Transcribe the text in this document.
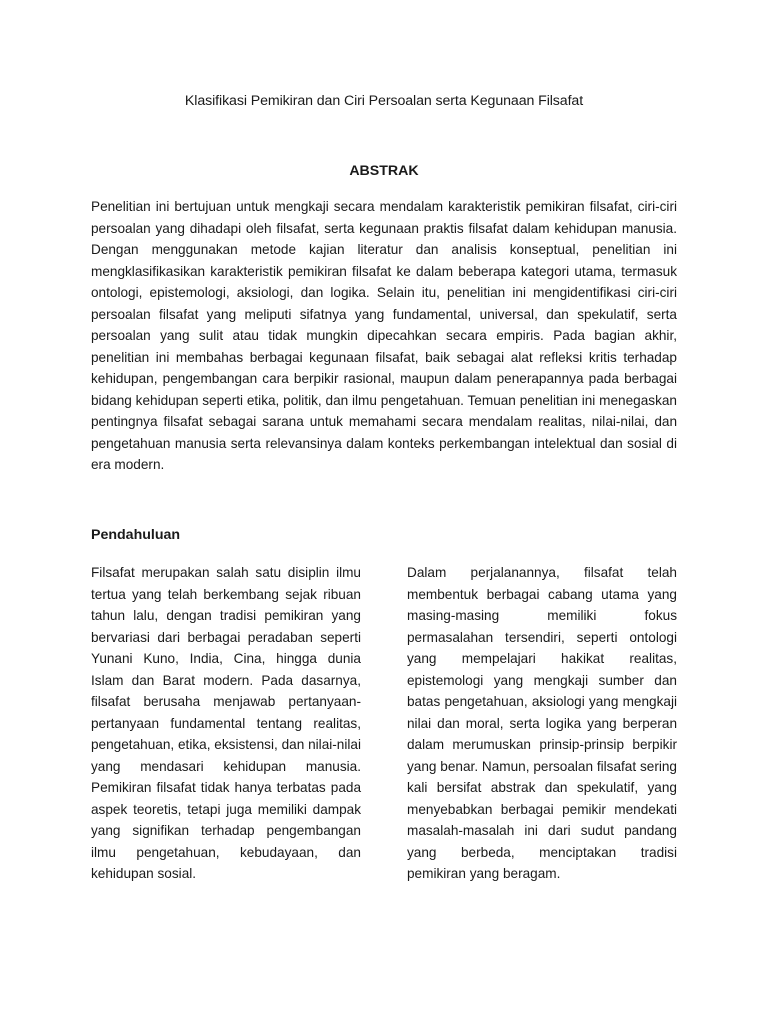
Klasifikasi Pemikiran dan Ciri Persoalan serta Kegunaan Filsafat
ABSTRAK

Penelitian ini bertujuan untuk mengkaji secara mendalam karakteristik pemikiran filsafat, ciri-ciri persoalan yang dihadapi oleh filsafat, serta kegunaan praktis filsafat dalam kehidupan manusia. Dengan menggunakan metode kajian literatur dan analisis konseptual, penelitian ini mengklasifikasikan karakteristik pemikiran filsafat ke dalam beberapa kategori utama, termasuk ontologi, epistemologi, aksiologi, dan logika. Selain itu, penelitian ini mengidentifikasi ciri-ciri persoalan filsafat yang meliputi sifatnya yang fundamental, universal, dan spekulatif, serta persoalan yang sulit atau tidak mungkin dipecahkan secara empiris. Pada bagian akhir, penelitian ini membahas berbagai kegunaan filsafat, baik sebagai alat refleksi kritis terhadap kehidupan, pengembangan cara berpikir rasional, maupun dalam penerapannya pada berbagai bidang kehidupan seperti etika, politik, dan ilmu pengetahuan. Temuan penelitian ini menegaskan pentingnya filsafat sebagai sarana untuk memahami secara mendalam realitas, nilai-nilai, dan pengetahuan manusia serta relevansinya dalam konteks perkembangan intelektual dan sosial di era modern.

Pendahuluan

Filsafat merupakan salah satu disiplin ilmu tertua yang telah berkembang sejak ribuan tahun lalu, dengan tradisi pemikiran yang bervariasi dari berbagai peradaban seperti Yunani Kuno, India, Cina, hingga dunia Islam dan Barat modern. Pada dasarnya, filsafat berusaha menjawab pertanyaan-pertanyaan fundamental tentang realitas, pengetahuan, etika, eksistensi, dan nilai-nilai yang mendasari kehidupan manusia. Pemikiran filsafat tidak hanya terbatas pada aspek teoretis, tetapi juga memiliki dampak yang signifikan terhadap pengembangan ilmu pengetahuan, kebudayaan, dan kehidupan sosial.

Dalam perjalanannya, filsafat telah membentuk berbagai cabang utama yang masing-masing memiliki fokus permasalahan tersendiri, seperti ontologi yang mempelajari hakikat realitas, epistemologi yang mengkaji sumber dan batas pengetahuan, aksiologi yang mengkaji nilai dan moral, serta logika yang berperan dalam merumuskan prinsip-prinsip berpikir yang benar. Namun, persoalan filsafat sering kali bersifat abstrak dan spekulatif, yang menyebabkan berbagai pemikir mendekati masalah-masalah ini dari sudut pandang yang berbeda, menciptakan tradisi pemikiran yang beragam.
